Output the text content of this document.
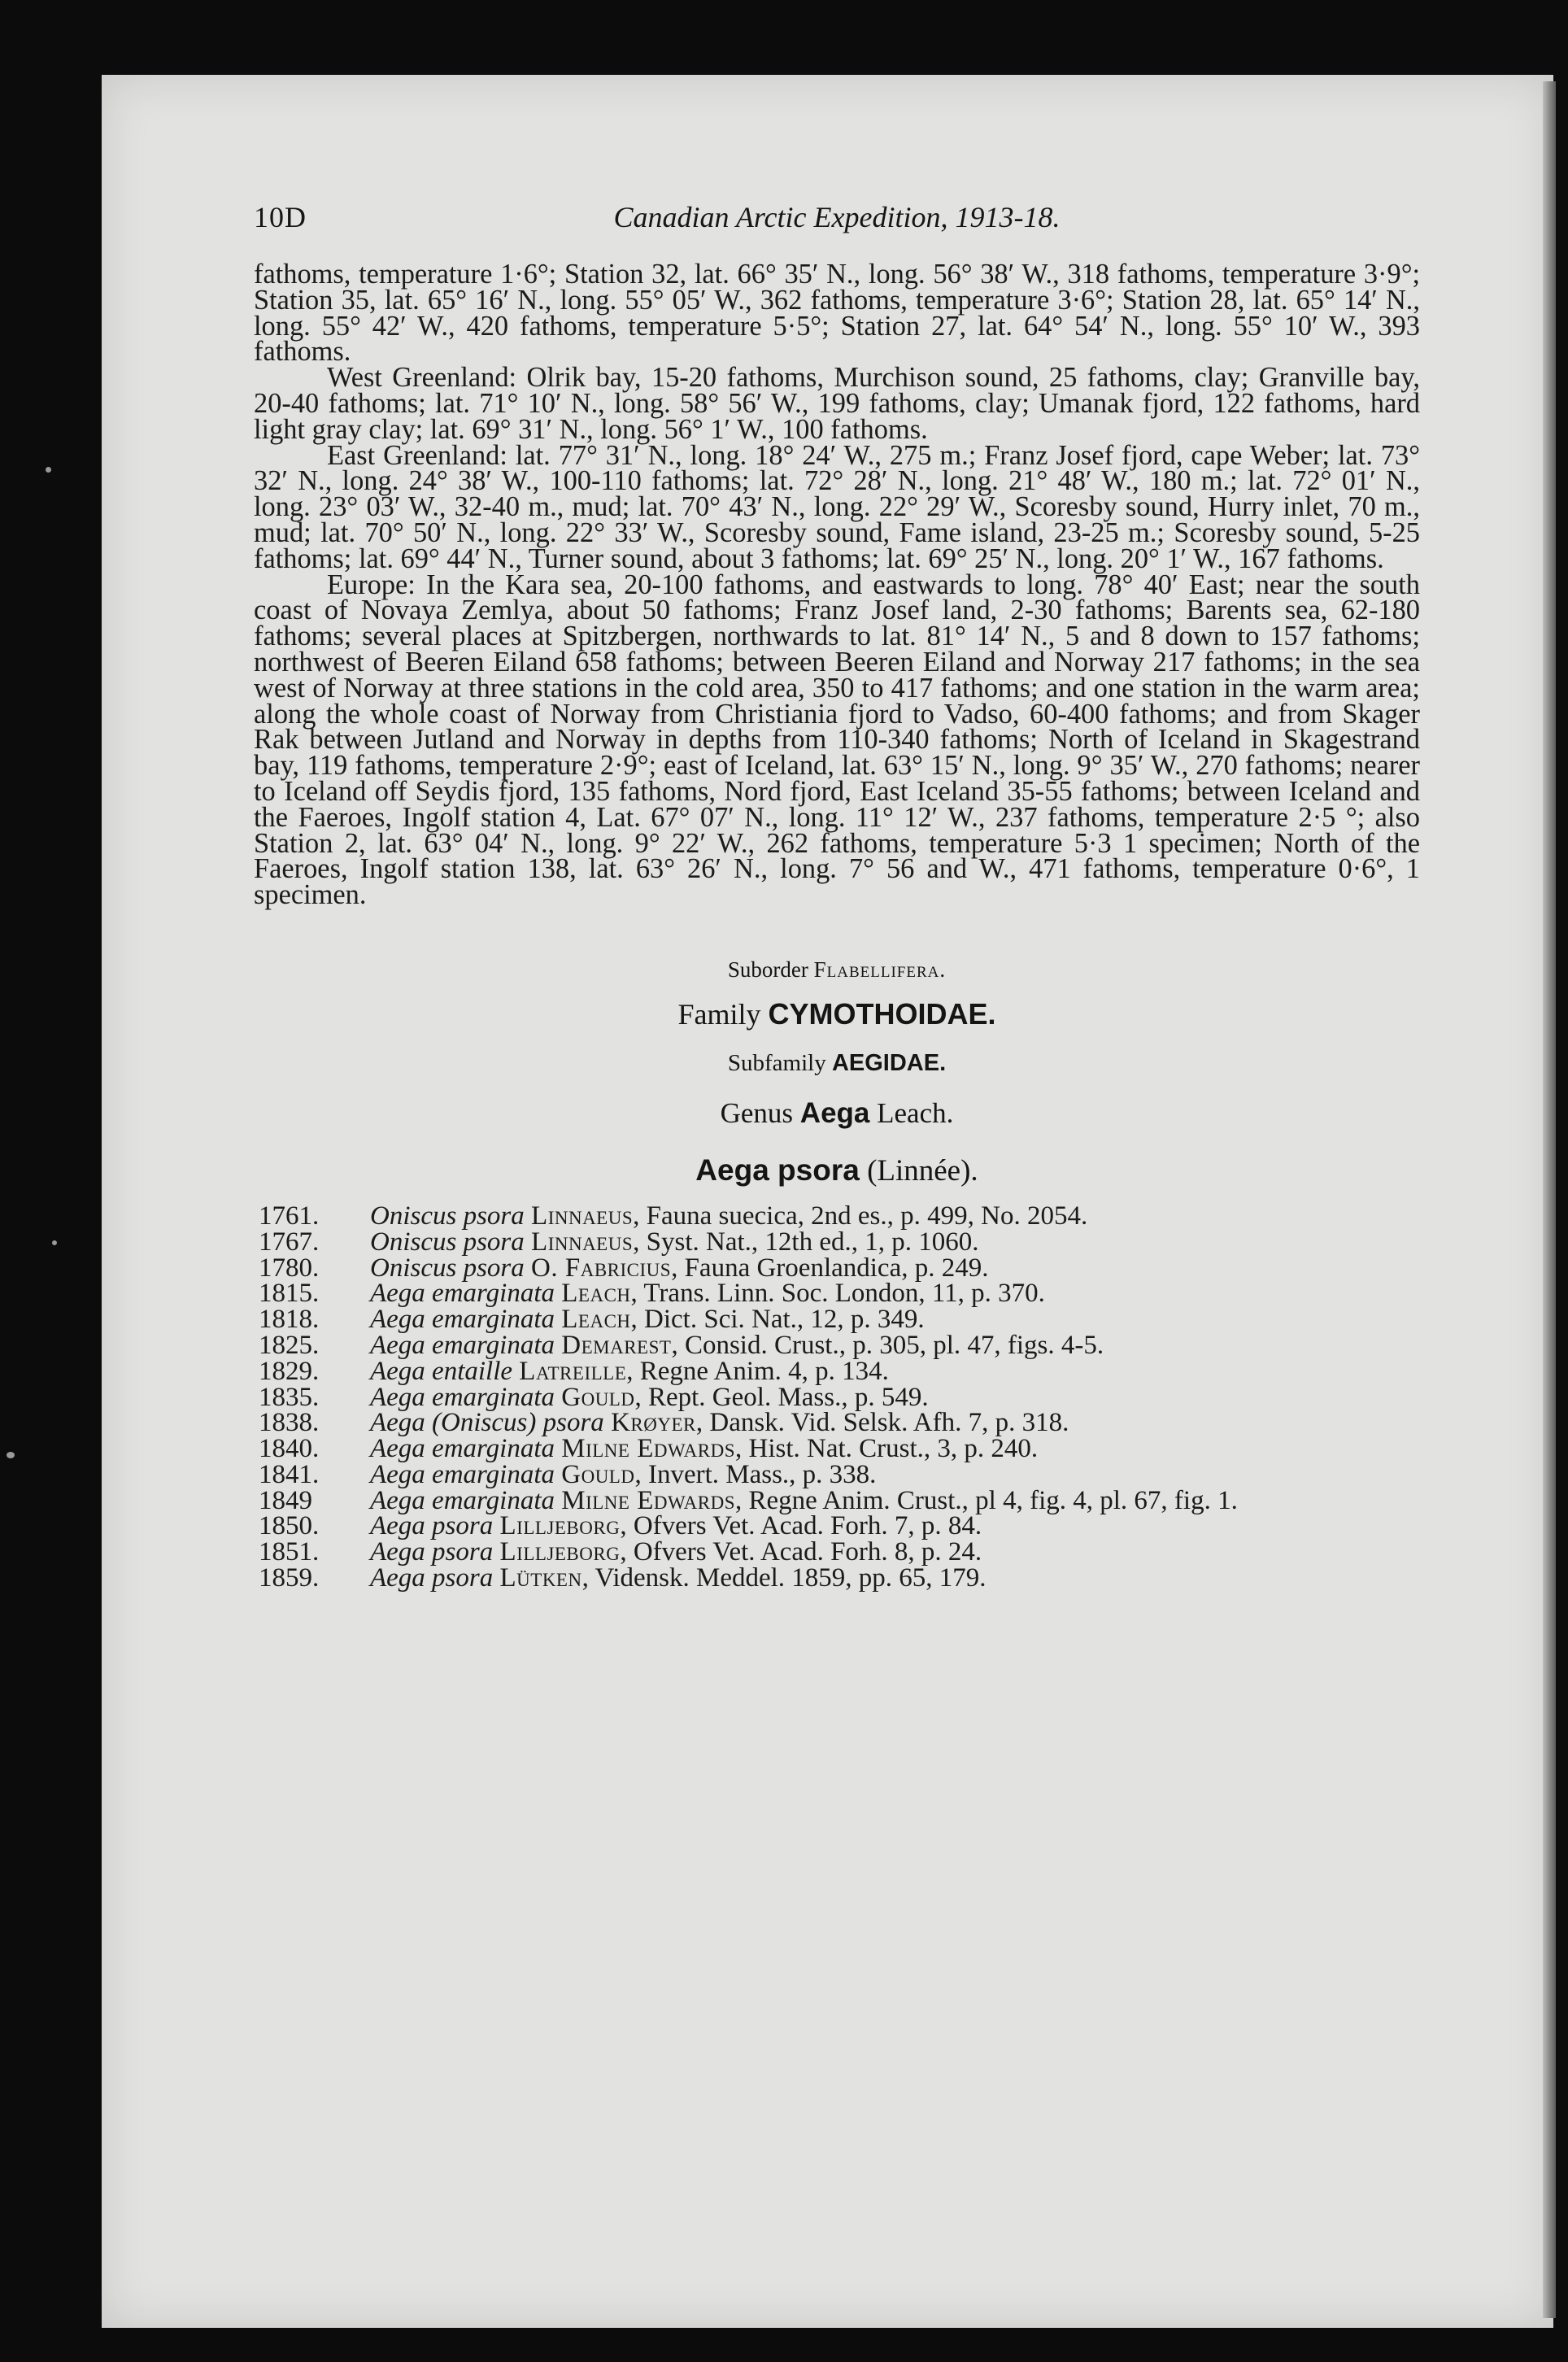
10D	Canadian Arctic Expedition, 1913-18.

fathoms, temperature 1·6°; Station 32, lat. 66° 35′ N., long. 56° 38′ W., 318 fathoms, temperature 3·9°; Station 35, lat. 65° 16′ N., long. 55° 05′ W., 362 fathoms, temperature 3·6°; Station 28, lat. 65° 14′ N., long. 55° 42′ W., 420 fathoms, temperature 5·5°; Station 27, lat. 64° 54′ N., long. 55° 10′ W., 393 fathoms.

West Greenland: Olrik bay, 15-20 fathoms, Murchison sound, 25 fathoms, clay; Granville bay, 20-40 fathoms; lat. 71° 10′ N., long. 58° 56′ W., 199 fathoms, clay; Umanak fjord, 122 fathoms, hard light gray clay; lat. 69° 31′ N., long. 56° 1′ W., 100 fathoms.

East Greenland: lat. 77° 31′ N., long. 18° 24′ W., 275 m.; Franz Josef fjord, cape Weber; lat. 73° 32′ N., long. 24° 38′ W., 100-110 fathoms; lat. 72° 28′ N., long. 21° 48′ W., 180 m.; lat. 72° 01′ N., long. 23° 03′ W., 32-40 m., mud; lat. 70° 43′ N., long. 22° 29′ W., Scoresby sound, Hurry inlet, 70 m., mud; lat. 70° 50′ N., long. 22° 33′ W., Scoresby sound, Fame island, 23-25 m.; Scoresby sound, 5-25 fathoms; lat. 69° 44′ N., Turner sound, about 3 fathoms; lat. 69° 25′ N., long. 20° 1′ W., 167 fathoms.

Europe: In the Kara sea, 20-100 fathoms, and eastwards to long. 78° 40′ East; near the south coast of Novaya Zemlya, about 50 fathoms; Franz Josef land, 2-30 fathoms; Barents sea, 62-180 fathoms; several places at Spitzbergen, northwards to lat. 81° 14′ N., 5 and 8 down to 157 fathoms; northwest of Beeren Eiland 658 fathoms; between Beeren Eiland and Norway 217 fathoms; in the sea west of Norway at three stations in the cold area, 350 to 417 fathoms; and one station in the warm area; along the whole coast of Norway from Christiania fjord to Vadso, 60-400 fathoms; and from Skager Rak between Jutland and Norway in depths from 110-340 fathoms; North of Iceland in Skagestrand bay, 119 fathoms, temperature 2·9°; east of Iceland, lat. 63° 15′ N., long. 9° 35′ W., 270 fathoms; nearer to Iceland off Seydis fjord, 135 fathoms, Nord fjord, East Iceland 35-55 fathoms; between Iceland and the Faeroes, Ingolf station 4, Lat. 67° 07′ N., long. 11° 12′ W., 237 fathoms, temperature 2·5 °; also Station 2, lat. 63° 04′ N., long. 9° 22′ W., 262 fathoms, temperature 5·3 1 specimen; North of the Faeroes, Ingolf station 138, lat. 63° 26′ N., long. 7° 56 and W., 471 fathoms, temperature 0·6°, 1 specimen.

Suborder Flabellifera.
Family CYMOTHOIDAE.
Subfamily AEGIDAE.
Genus Aega Leach.
Aega psora (Linnée).
1761.	Oniscus psora Linnaeus, Fauna suecica, 2nd es., p. 499, No. 2054.
1767.	Oniscus psora Linnaeus, Syst. Nat., 12th ed., 1, p. 1060.
1780.	Oniscus psora O. Fabricius, Fauna Groenlandica, p. 249.
1815.	Aega emarginata Leach, Trans. Linn. Soc. London, 11, p. 370.
1818.	Aega emarginata Leach, Dict. Sci. Nat., 12, p. 349.
1825.	Aega emarginata Demarest, Consid. Crust., p. 305, pl. 47, figs. 4-5.
1829.	Aega entaille Latreille, Regne Anim. 4, p. 134.
1835.	Aega emarginata Gould, Rept. Geol. Mass., p. 549.
1838.	Aega (Oniscus) psora Krøyer, Dansk. Vid. Selsk. Afh. 7, p. 318.
1840.	Aega emarginata Milne Edwards, Hist. Nat. Crust., 3, p. 240.
1841.	Aega emarginata Gould, Invert. Mass., p. 338.
1849	Aega emarginata Milne Edwards, Regne Anim. Crust., pl 4, fig. 4, pl. 67, fig. 1.
1850.	Aega psora Lilljeborg, Ofvers Vet. Acad. Forh. 7, p. 84.
1851.	Aega psora Lilljeborg, Ofvers Vet. Acad. Forh. 8, p. 24.
1859.	Aega psora Lütken, Vidensk. Meddel. 1859, pp. 65, 179.
